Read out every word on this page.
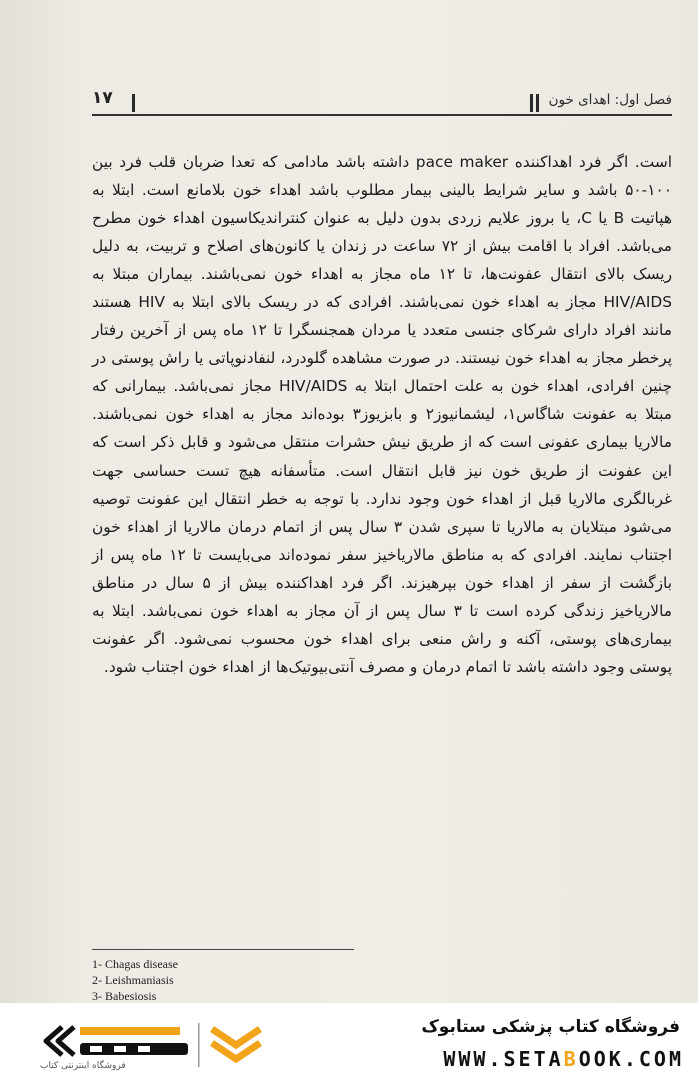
فصل اول: اهدای خون
۱۷

است. اگر فرد اهداکننده pace maker داشته باشد مادامی که تعدا ضربان قلب فرد بین ۱۰۰-۵۰ باشد و سایر شرایط بالینی بیمار مطلوب باشد اهداء خون بلامانع است. ابتلا به هپاتیت B یا C، یا بروز علایم زردی بدون دلیل به عنوان کنترانديكاسيون اهداء خون مطرح می‌باشد. افراد با اقامت بیش از ۷۲ ساعت در زندان یا کانون‌های اصلاح و تربیت، به دلیل ریسک بالای انتقال عفونت‌ها، تا ۱۲ ماه مجاز به اهداء خون نمی‌باشند. بیماران مبتلا به HIV/AIDS مجاز به اهداء خون نمی‌باشند. افرادی که در ریسک بالای ابتلا به HIV هستند مانند افراد دارای شرکای جنسی متعدد یا مردان همجنسگرا تا ۱۲ ماه پس از آخرین رفتار پرخطر مجاز به اهداء خون نیستند. در صورت مشاهده گلودرد، لنفادنوپاتی یا راش پوستی در چنین افرادی، اهداء خون به علت احتمال ابتلا به HIV/AIDS مجاز نمی‌باشد. بیمارانی که مبتلا به عفونت شاگاس۱، لیشمانیوز۲ و بابزیوز۳ بوده‌اند مجاز به اهداء خون نمی‌باشند. مالاریا بیماری عفونی است که از طریق نیش حشرات منتقل می‌شود و قابل ذکر است که این عفونت از طریق خون نیز قابل انتقال است. متأسفانه هیچ تست حساسی جهت غربالگری مالاریا قبل از اهداء خون وجود ندارد. با توجه به خطر انتقال این عفونت توصیه می‌شود مبتلایان به مالاریا تا سپری شدن ۳ سال پس از اتمام درمان مالاریا از اهداء خون اجتناب نمایند. افرادی که به مناطق مالاریاخیز سفر نموده‌اند می‌بایست تا ۱۲ ماه پس از بازگشت از سفر از اهداء خون بپرهیزند. اگر فرد اهداکننده بیش از ۵ سال در مناطق مالاریاخیز زندگی کرده است تا ۳ سال پس از آن مجاز به اهداء خون نمی‌باشد. ابتلا به بیماری‌های پوستی، آکنه و راش منعی برای اهداء خون محسوب نمی‌شود. اگر عفونت پوستی وجود داشته باشد تا اتمام درمان و مصرف آنتی‌بیوتیک‌ها از اهداء خون اجتناب شود.

1- Chagas disease
2- Leishmaniasis
3- Babesiosis
فروشگاه اینترنتی کتاب
فروشگاه کتاب پزشکی ستابوک
WWW.SETABOOK.COM
